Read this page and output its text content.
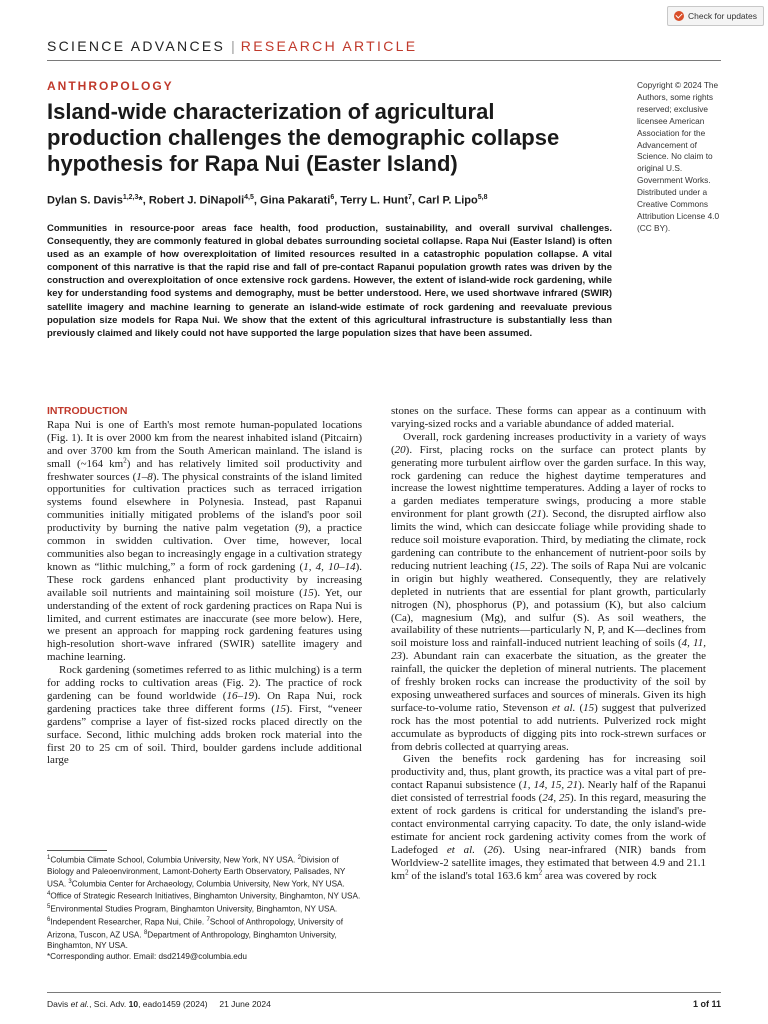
Check for updates
SCIENCE ADVANCES | RESEARCH ARTICLE
ANTHROPOLOGY
Island-wide characterization of agricultural production challenges the demographic collapse hypothesis for Rapa Nui (Easter Island)
Dylan S. Davis$^{1,2,3}$*, Robert J. DiNapoli$^{4,5}$, Gina Pakarati$^6$, Terry L. Hunt$^7$, Carl P. Lipo$^{5,8}$

Communities in resource-poor areas face health, food production, sustainability, and overall survival challenges. Consequently, they are commonly featured in global debates surrounding societal collapse. Rapa Nui (Easter Island) is often used as an example of how overexploitation of limited resources resulted in a catastrophic population collapse. A vital component of this narrative is that the rapid rise and fall of pre-contact Rapanui population growth rates was driven by the construction and overexploitation of once extensive rock gardens. However, the extent of island-wide rock gardening, while key for understanding food systems and demography, must be better understood. Here, we used shortwave infrared (SWIR) satellite imagery and machine learning to generate an island-wide estimate of rock gardening and reevaluate previous population size models for Rapa Nui. We show that the extent of this agricultural infrastructure is substantially less than previously claimed and likely could not have supported the large population sizes that have been assumed.

Copyright © 2024 The Authors, some rights reserved; exclusive licensee American Association for the Advancement of Science. No claim to original U.S. Government Works. Distributed under a Creative Commons Attribution License 4.0 (CC BY).
INTRODUCTION

Rapa Nui is one of Earth's most remote human-populated locations (Fig. 1). It is over 2000 km from the nearest inhabited island (Pitcairn) and over 3700 km from the South American mainland. The island is small (~164 $km^2$) and has relatively limited soil productivity and freshwater sources (1–8). The physical constraints of the island limited opportunities for cultivation practices such as terraced irrigation systems found elsewhere in Polynesia. Instead, past Rapanui communities initially mitigated problems of the island's poor soil productivity by burning the native palm vegetation (9), a practice common in swidden cultivation. Over time, however, local communities also began to increasingly engage in a cultivation strategy known as “lithic mulching,” a form of rock gardening (1, 4, 10–14). These rock gardens enhanced plant productivity by increasing available soil nutrients and maintaining soil moisture (15). Yet, our understanding of the extent of rock gardening practices on Rapa Nui is limited, and current estimates are inaccurate (see more below). Here, we present an approach for mapping rock gardening features using high-resolution short-wave infrared (SWIR) satellite imagery and machine learning.

Rock gardening (sometimes referred to as lithic mulching) is a term for adding rocks to cultivation areas (Fig. 2). The practice of rock gardening can be found worldwide (16–19). On Rapa Nui, rock gardening practices take three different forms (15). First, “veneer gardens” comprise a layer of fist-sized rocks placed directly on the surface. Second, lithic mulching adds broken rock material into the first 20 to 25 cm of soil. Third, boulder gardens include additional large

stones on the surface. These forms can appear as a continuum with varying-sized rocks and a variable abundance of added material.

Overall, rock gardening increases productivity in a variety of ways (20). First, placing rocks on the surface can protect plants by generating more turbulent airflow over the garden surface. In this way, rock gardening can reduce the highest daytime temperatures and increase the lowest nighttime temperatures. Adding a layer of rocks to a garden mediates temperature swings, producing a more stable environment for plant growth (21). Second, the disrupted airflow also limits the wind, which can desiccate foliage while providing shade to reduce soil moisture evaporation. Third, by mediating the climate, rock gardening can contribute to the enhancement of nutrient-poor soils by reducing nutrient leaching (15, 22). The soils of Rapa Nui are volcanic in origin but highly weathered. Consequently, they are relatively depleted in nutrients that are essential for plant growth, particularly nitrogen (N), phosphorus (P), and potassium (K), but also calcium (Ca), magnesium (Mg), and sulfur (S). As soil weathers, the availability of these nutrients—particularly N, P, and K—declines from soil moisture loss and rainfall-induced nutrient leaching of soils (4, 11, 23). Abundant rain can exacerbate the situation, as the greater the rainfall, the quicker the depletion of mineral nutrients. The placement of freshly broken rocks can increase the productivity of the soil by exposing unweathered surfaces and sources of minerals. Given its high surface-to-volume ratio, Stevenson et al. (15) suggest that pulverized rock has the most potential to add nutrients. Pulverized rock might accumulate as byproducts of digging pits into rock-strewn surfaces or from debris collected at quarrying areas.

Given the benefits rock gardening has for increasing soil productivity and, thus, plant growth, its practice was a vital part of pre-contact Rapanui subsistence (1, 14, 15, 21). Nearly half of the Rapanui diet consisted of terrestrial foods (24, 25). In this regard, measuring the extent of rock gardens is critical for understanding the island's pre-contact environmental carrying capacity. To date, the only island-wide estimate for ancient rock gardening activity comes from the work of Ladefoged et al. (26). Using near-infrared (NIR) bands from Worldview-2 satellite images, they estimated that between 4.9 and 21.1 $km^2$ of the island's total 163.6 $km^2$ area was covered by rock

$^1$Columbia Climate School, Columbia University, New York, NY USA. $^2$Division of Biology and Paleoenvironment, Lamont-Doherty Earth Observatory, Palisades, NY USA. $^3$Columbia Center for Archaeology, Columbia University, New York, NY USA. $^4$Office of Strategic Research Initiatives, Binghamton University, Binghamton, NY USA. $^5$Environmental Studies Program, Binghamton University, Binghamton, NY USA. $^6$Independent Researcher, Rapa Nui, Chile. $^7$School of Anthropology, University of Arizona, Tuscon, AZ USA. $^8$Department of Anthropology, Binghamton University, Binghamton, NY USA.

*Corresponding author. Email: dsd2149@columbia.edu

Davis et al., Sci. Adv. 10, eado1459 (2024)     21 June 2024	1 of 11
